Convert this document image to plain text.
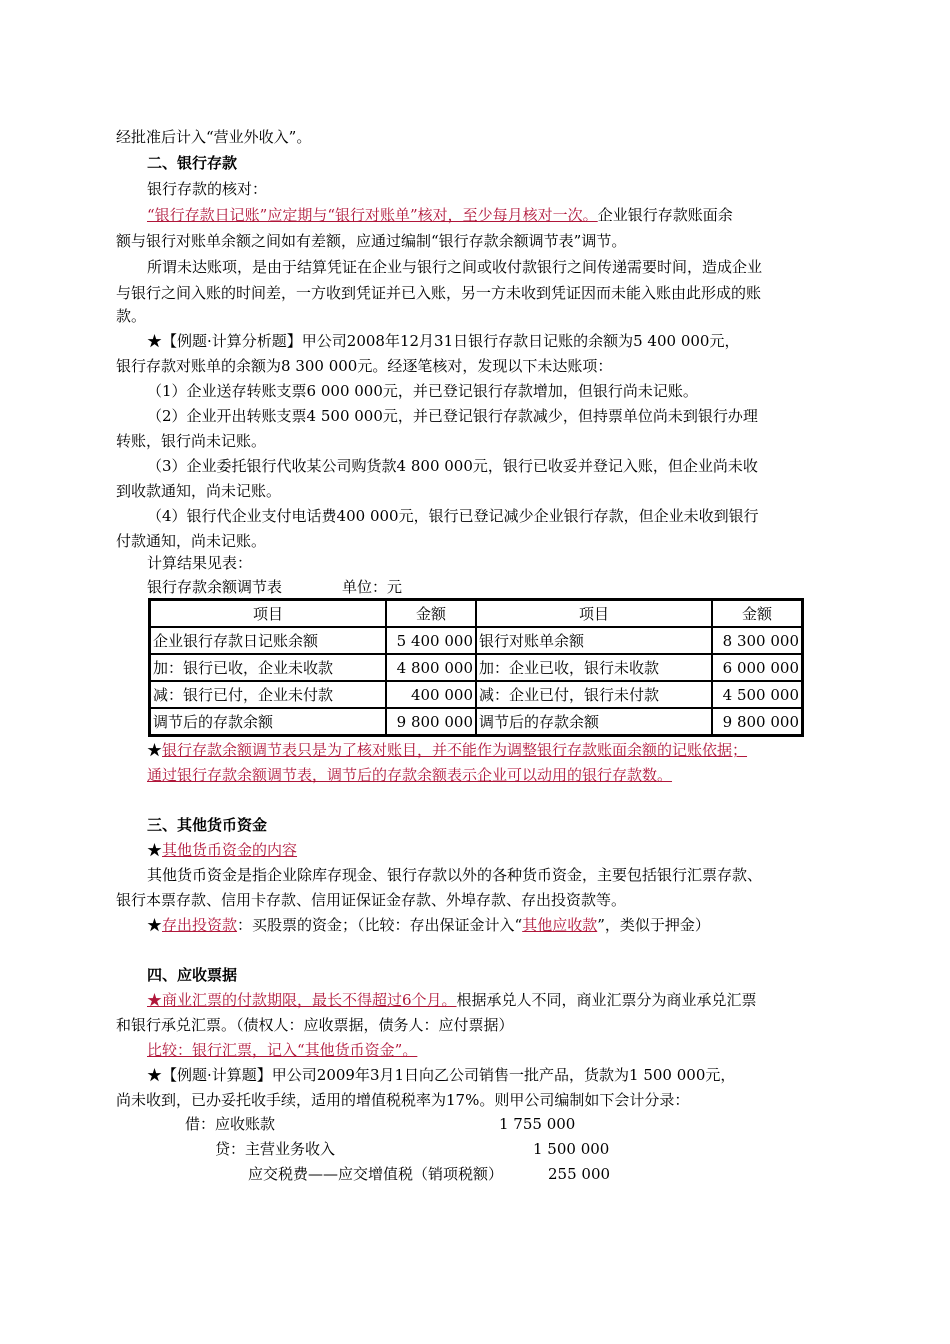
经批准后计入“营业外收入”。
二、银行存款
银行存款的核对：
“银行存款日记账”应定期与“银行对账单”核对，至少每月核对一次。企业银行存款账面余
额与银行对账单余额之间如有差额，应通过编制“银行存款余额调节表”调节。
所谓未达账项，是由于结算凭证在企业与银行之间或收付款银行之间传递需要时间，造成企业
与银行之间入账的时间差，一方收到凭证并已入账，另一方未收到凭证因而未能入账由此形成的账
款。
★【例题·计算分析题】甲公司2008年12月31日银行存款日记账的余额为5 400 000元，
银行存款对账单的余额为8 300 000元。经逐笔核对，发现以下未达账项：
（1）企业送存转账支票6 000 000元，并已登记银行存款增加，但银行尚未记账。
（2）企业开出转账支票4 500 000元，并已登记银行存款减少，但持票单位尚未到银行办理
转账，银行尚未记账。
（3）企业委托银行代收某公司购货款4 800 000元，银行已收妥并登记入账，但企业尚未收
到收款通知，尚未记账。
（4）银行代企业支付电话费400 000元，银行已登记减少企业银行存款，但企业未收到银行
付款通知，尚未记账。
计算结果见表：
银行存款余额调节表	单位：元
项目	金额	项目	金额
企业银行存款日记账余额	5 400 000	银行对账单余额	8 300 000
加：银行已收，企业未收款	4 800 000	加：企业已收，银行未收款	6 000 000
减：银行已付，企业未付款	400 000	减：企业已付，银行未付款	4 500 000
调节后的存款余额	9 800 000	调节后的存款余额	9 800 000
★银行存款余额调节表只是为了核对账目，并不能作为调整银行存款账面余额的记账依据；
通过银行存款余额调节表，调节后的存款余额表示企业可以动用的银行存款数。
三、其他货币资金
★其他货币资金的内容
其他货币资金是指企业除库存现金、银行存款以外的各种货币资金，主要包括银行汇票存款、
银行本票存款、信用卡存款、信用证保证金存款、外埠存款、存出投资款等。
★存出投资款：买股票的资金；（比较：存出保证金计入“其他应收款”，类似于押金）
四、应收票据
★商业汇票的付款期限，最长不得超过6个月。根据承兑人不同，商业汇票分为商业承兑汇票
和银行承兑汇票。（债权人：应收票据，债务人：应付票据）
比较：银行汇票，记入“其他货币资金”。
★【例题·计算题】甲公司2009年3月1日向乙公司销售一批产品，货款为1 500 000元，
尚未收到，已办妥托收手续，适用的增值税税率为17%。则甲公司编制如下会计分录：
借：应收账款	1 755 000
贷：主营业务收入	1 500 000
应交税费——应交增值税（销项税额）	255 000
